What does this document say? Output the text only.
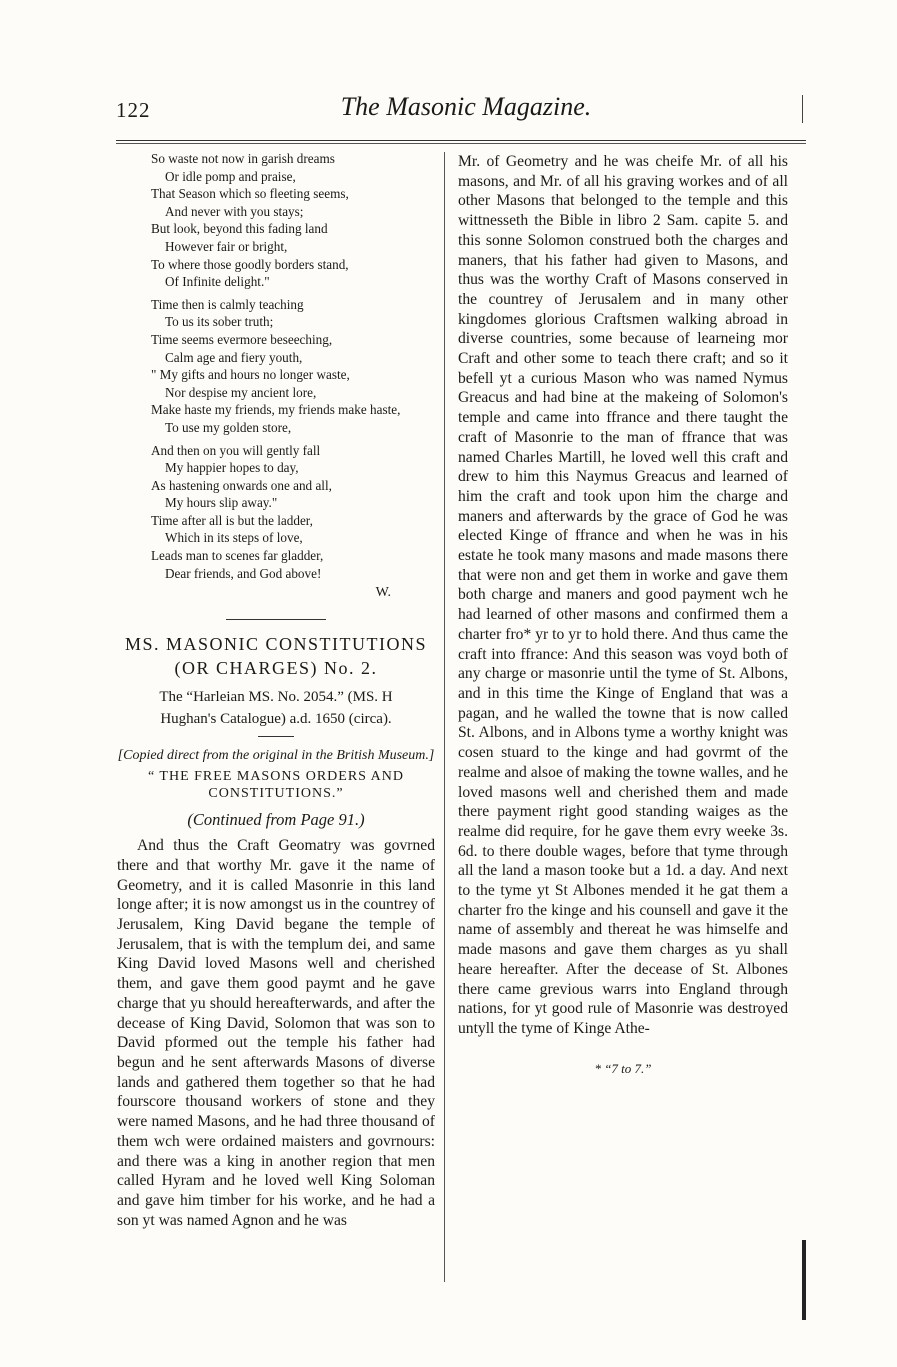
122	The Masonic Magazine.
So waste not now in garish dreams
Or idle pomp and praise,
That Season which so fleeting seems,
And never with you stays;
But look, beyond this fading land
However fair or bright,
To where those goodly borders stand,
Of Infinite delight."
Time then is calmly teaching
To us its sober truth;
Time seems evermore beseeching,
Calm age and fiery youth,
" My gifts and hours no longer waste,
Nor despise my ancient lore,
Make haste my friends, my friends make haste,
To use my golden store,
And then on you will gently fall
My happier hopes to day,
As hastening onwards one and all,
My hours slip away."
Time after all is but the ladder,
Which in its steps of love,
Leads man to scenes far gladder,
Dear friends, and God above!
W.
MS. MASONIC CONSTITUTIONS
(OR CHARGES) No. 2.
The “Harleian MS. No. 2054.” (MS. H
Hughan's Catalogue) a.d. 1650 (circa).
[Copied direct from the original in the British Museum.]
“ THE FREE MASONS ORDERS AND CONSTITUTIONS.”
(Continued from Page 91.)
And thus the Craft Geomatry was govrned there and that worthy Mr. gave it the name of Geometry, and it is called Masonrie in this land longe after; it is now amongst us in the countrey of Jerusalem, King David begane the temple of Jerusalem, that is with the templum dei, and same King David loved Masons well and cherished them, and gave them good paymt and he gave charge that yu should hereafterwards, and after the decease of King David, Solomon that was son to David pformed out the temple his father had begun and he sent afterwards Masons of diverse lands and gathered them together so that he had fourscore thousand workers of stone and they were named Masons, and he had three thousand of them wch were ordained maisters and govrnours: and there was a king in another region that men called Hyram and he loved well King Soloman and gave him timber for his worke, and he had a son yt was named Agnon and he was
Mr. of Geometry and he was cheife Mr. of all his masons, and Mr. of all his graving workes and of all other Masons that belonged to the temple and this wittnesseth the Bible in libro 2 Sam. capite 5. and this sonne Solomon construed both the charges and maners, that his father had given to Masons, and thus was the worthy Craft of Masons conserved in the countrey of Jerusalem and in many other kingdomes glorious Craftsmen walking abroad in diverse countries, some because of learneing mor Craft and other some to teach there craft; and so it befell yt a curious Mason who was named Nymus Greacus and had bine at the makeing of Solomon's temple and came into ffrance and there taught the craft of Masonrie to the man of ffrance that was named Charles Martill, he loved well this craft and drew to him this Naymus Greacus and learned of him the craft and took upon him the charge and maners and afterwards by the grace of God he was elected Kinge of ffrance and when he was in his estate he took many masons and made masons there that were non and get them in worke and gave them both charge and maners and good payment wch he had learned of other masons and confirmed them a charter fro* yr to yr to hold there. And thus came the craft into ffrance: And this season was voyd both of any charge or masonrie until the tyme of St. Albons, and in this time the Kinge of England that was a pagan, and he walled the towne that is now called St. Albons, and in Albons tyme a worthy knight was cosen stuard to the kinge and had govrmt of the realme and alsoe of making the towne walles, and he loved masons well and cherished them and made there payment right good standing waiges as the realme did require, for he gave them evry weeke 3s. 6d. to there double wages, before that tyme through all the land a mason tooke but a 1d. a day. And next to the tyme yt St Albones mended it he gat them a charter fro the kinge and his counsell and gave it the name of assembly and thereat he was himselfe and made masons and gave them charges as yu shall heare hereafter. After the decease of St. Albones there came grevious warrs into England through nations, for yt good rule of Masonrie was destroyed untyll the tyme of Kinge Athe-
* “7 to 7.”
